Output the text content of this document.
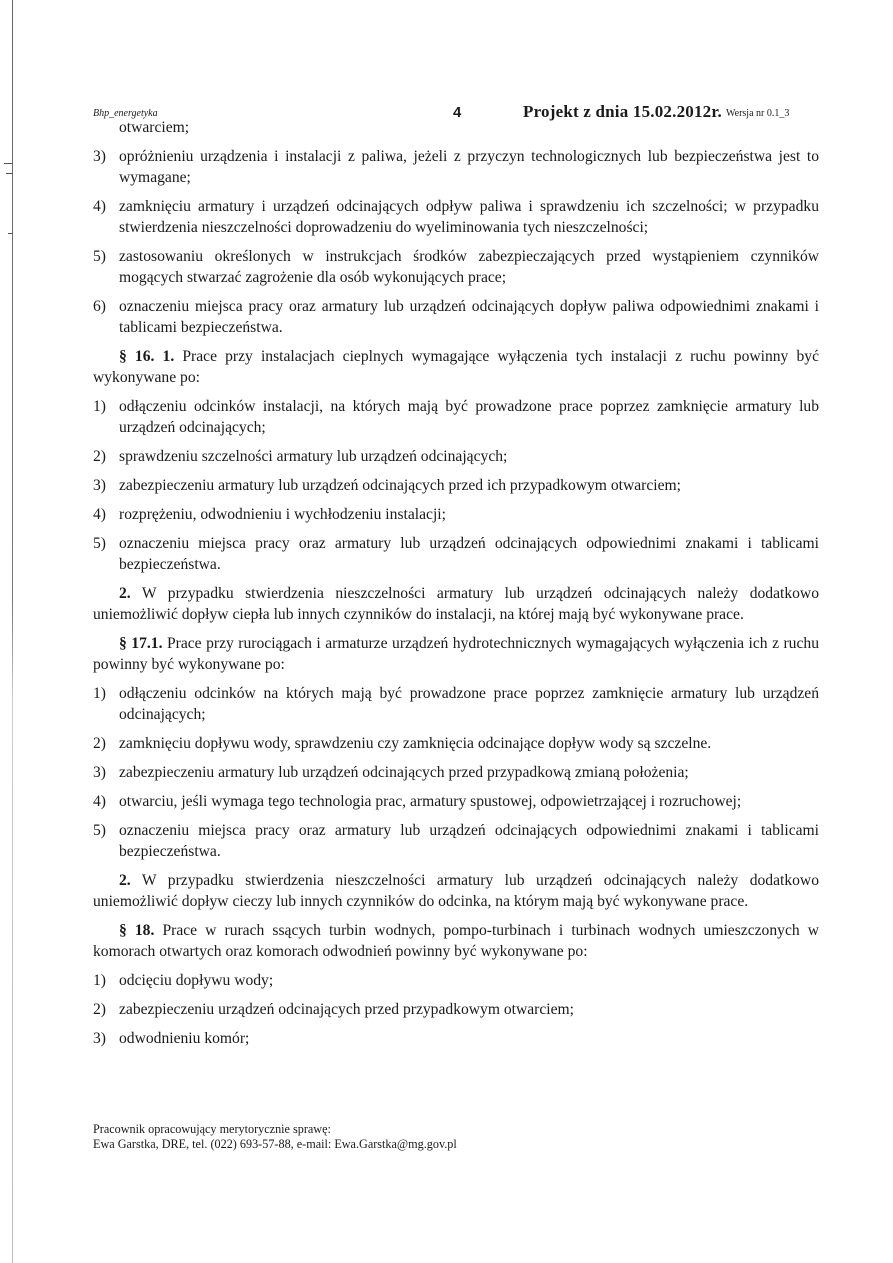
Bhp_energetyka	4	Projekt z dnia 15.02.2012r. Wersja nr 0.1_3
otwarciem;
3) opróżnieniu urządzenia i instalacji z paliwa, jeżeli z przyczyn technologicznych lub bezpieczeństwa jest to wymagane;
4) zamknięciu armatury i urządzeń odcinających odpływ paliwa i sprawdzeniu ich szczelności; w przypadku stwierdzenia nieszczelności doprowadzeniu do wyeliminowania tych nieszczelności;
5) zastosowaniu określonych w instrukcjach środków zabezpieczających przed wystąpieniem czynników mogących stwarzać zagrożenie dla osób wykonujących prace;
6) oznaczeniu miejsca pracy oraz armatury lub urządzeń odcinających dopływ paliwa odpowiednimi znakami i tablicami bezpieczeństwa.
§ 16. 1. Prace przy instalacjach cieplnych wymagające wyłączenia tych instalacji z ruchu powinny być wykonywane po:
1) odłączeniu odcinków instalacji, na których mają być prowadzone prace poprzez zamknięcie armatury lub urządzeń odcinających;
2) sprawdzeniu szczelności armatury lub urządzeń odcinających;
3) zabezpieczeniu armatury lub urządzeń odcinających przed ich przypadkowym otwarciem;
4) rozprężeniu, odwodnieniu i wychłodzeniu instalacji;
5) oznaczeniu miejsca pracy oraz armatury lub urządzeń odcinających odpowiednimi znakami i tablicami bezpieczeństwa.
2. W przypadku stwierdzenia nieszczelności armatury lub urządzeń odcinających należy dodatkowo uniemożliwić dopływ ciepła lub innych czynników do instalacji, na której mają być wykonywane prace.
§ 17.1. Prace przy rurociągach i armaturze urządzeń hydrotechnicznych wymagających wyłączenia ich z ruchu powinny być wykonywane po:
1) odłączeniu odcinków na których mają być prowadzone prace poprzez zamknięcie armatury lub urządzeń odcinających;
2) zamknięciu dopływu wody, sprawdzeniu czy zamknięcia odcinające dopływ wody są szczelne.
3) zabezpieczeniu armatury lub urządzeń odcinających przed przypadkową zmianą położenia;
4) otwarciu, jeśli wymaga tego technologia prac, armatury spustowej, odpowietrzającej i rozruchowej;
5) oznaczeniu miejsca pracy oraz armatury lub urządzeń odcinających odpowiednimi znakami i tablicami bezpieczeństwa.
2. W przypadku stwierdzenia nieszczelności armatury lub urządzeń odcinających należy dodatkowo uniemożliwić dopływ cieczy lub innych czynników do odcinka, na którym mają być wykonywane prace.
§ 18. Prace w rurach ssących turbin wodnych, pompo-turbinach i turbinach wodnych umieszczonych w komorach otwartych oraz komorach odwodnień powinny być wykonywane po:
1) odcięciu dopływu wody;
2) zabezpieczeniu urządzeń odcinających przed przypadkowym otwarciem;
3) odwodnieniu komór;
Pracownik opracowujący merytorycznie sprawę:
Ewa Garstka, DRE, tel. (022) 693-57-88, e-mail: Ewa.Garstka@mg.gov.pl
